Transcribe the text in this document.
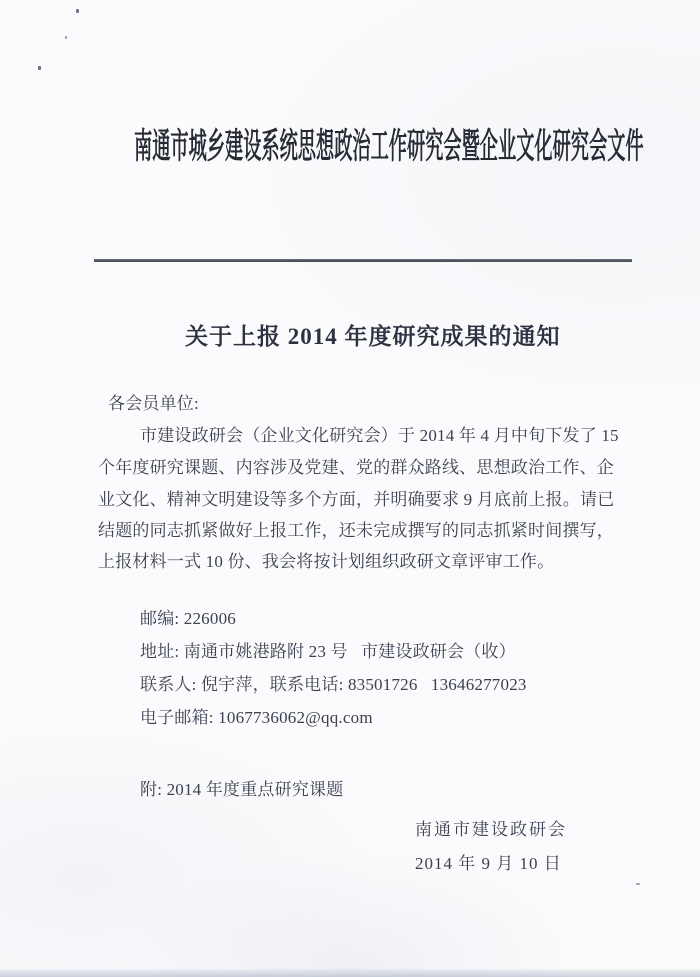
南通市城乡建设系统思想政治工作研究会暨企业文化研究会文件

关于上报 2014 年度研究成果的通知
各会员单位:
市建设政研会（企业文化研究会）于 2014 年 4 月中旬下发了 15
个年度研究课题、内容涉及党建、党的群众路线、思想政治工作、企
业文化、精神文明建设等多个方面，并明确要求 9 月底前上报。请已
结题的同志抓紧做好上报工作，还未完成撰写的同志抓紧时间撰写，
上报材料一式 10 份、我会将按计划组织政研文章评审工作。
邮编: 226006
地址: 南通市姚港路附 23 号   市建设政研会（收）
联系人: 倪宇萍，联系电话: 83501726   13646277023
电子邮箱: 1067736062@qq.com
附: 2014 年度重点研究课题
南通市建设政研会
2014 年 9 月 10 日
